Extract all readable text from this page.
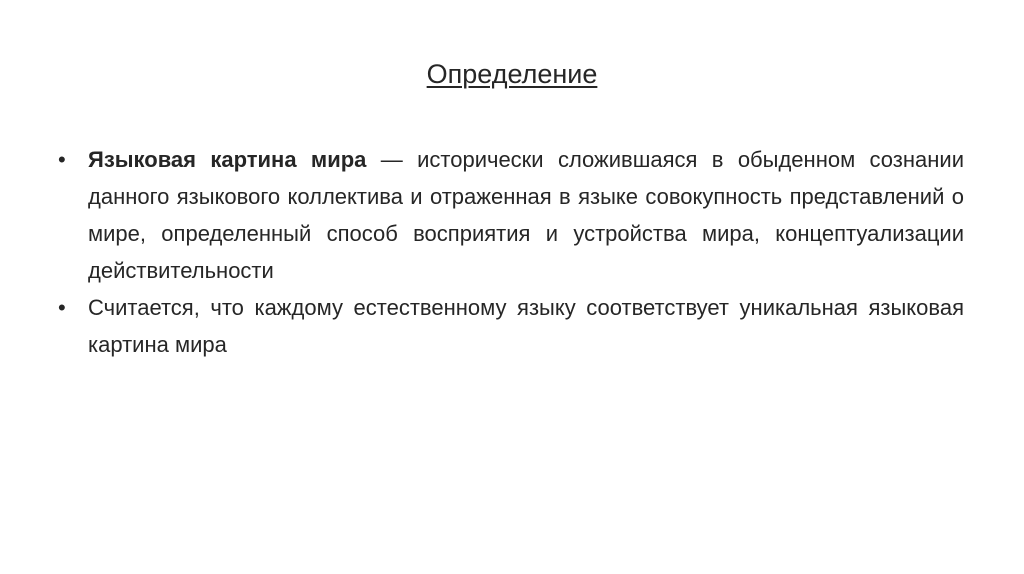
Определение
•	Языковая картина мира — исторически сложившаяся в обыденном сознании данного языкового коллектива и отраженная в языке совокупность представлений о мире, определенный способ восприятия и устройства мира, концептуализации действительности
•	Считается, что каждому естественному языку соответствует уникальная языковая картина мира
